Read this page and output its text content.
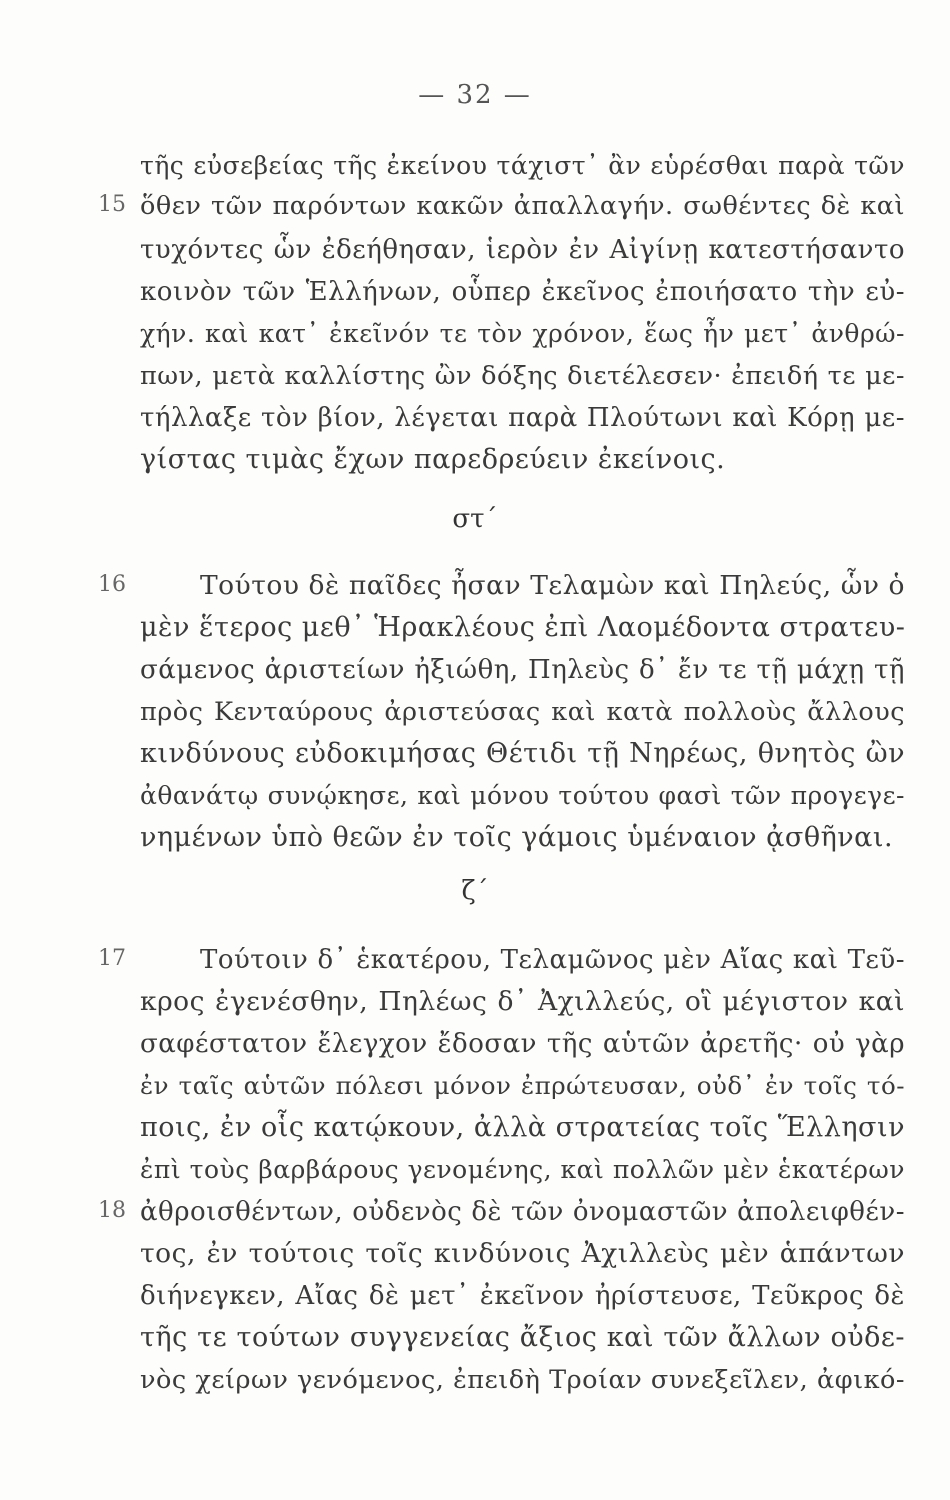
— 32 —
τῆς εὐσεβείας τῆς ἐκείνου τάχιστ᾽ ἂν εὑρέσθαι παρὰ τῶν
15 ὅθεν τῶν παρόντων κακῶν ἀπαλλαγήν. σωθέντες δὲ καὶ
τυχόντες ὧν ἐδεήθησαν, ἱερὸν ἐν Αἰγίνῃ κατεστήσαντο
κοινὸν τῶν Ἑλλήνων, οὗπερ ἐκεῖνος ἐποιήσατο τὴν εὐ-
χήν. καὶ κατ᾽ ἐκεῖνόν τε τὸν χρόνον, ἕως ἦν μετ᾽ ἀνθρώ-
πων, μετὰ καλλίστης ὢν δόξης διετέλεσεν· ἐπειδή τε με-
τήλλαξε τὸν βίον, λέγεται παρὰ Πλούτωνι καὶ Κόρῃ με-
γίστας τιμὰς ἔχων παρεδρεύειν ἐκείνοις.
στ´
16	Τούτου δὲ παῖδες ἦσαν Τελαμὼν καὶ Πηλεύς, ὧν ὁ
μὲν ἕτερος μεθ᾽ Ἡρακλέους ἐπὶ Λαομέδοντα στρατευ-
σάμενος ἀριστείων ἠξιώθη, Πηλεὺς δ᾽ ἔν τε τῇ μάχῃ τῇ
πρὸς Κενταύρους ἀριστεύσας καὶ κατὰ πολλοὺς ἄλλους
κινδύνους εὐδοκιμήσας Θέτιδι τῇ Νηρέως, θνητὸς ὢν
ἀθανάτῳ συνῴκησε, καὶ μόνου τούτου φασὶ τῶν προγεγε-
νημένων ὑπὸ θεῶν ἐν τοῖς γάμοις ὑμέναιον ᾀσθῆναι.
ζ´
17	Τούτοιν δ᾽ ἑκατέρου, Τελαμῶνος μὲν Αἴας καὶ Τεῦ-
κρος ἐγενέσθην, Πηλέως δ᾽ Ἀχιλλεύς, οἳ μέγιστον καὶ
σαφέστατον ἔλεγχον ἔδοσαν τῆς αὑτῶν ἀρετῆς· οὐ γὰρ
ἐν ταῖς αὑτῶν πόλεσι μόνον ἐπρώτευσαν, οὐδ᾽ ἐν τοῖς τό-
ποις, ἐν οἷς κατῴκουν, ἀλλὰ στρατείας τοῖς Ἕλλησιν
ἐπὶ τοὺς βαρβάρους γενομένης, καὶ πολλῶν μὲν ἑκατέρων
18 ἀθροισθέντων, οὐδενὸς δὲ τῶν ὀνομαστῶν ἀπολειφθέν-
τος, ἐν τούτοις τοῖς κινδύνοις Ἀχιλλεὺς μὲν ἁπάντων
διήνεγκεν, Αἴας δὲ μετ᾽ ἐκεῖνον ἠρίστευσε, Τεῦκρος δὲ
τῆς τε τούτων συγγενείας ἄξιος καὶ τῶν ἄλλων οὐδε-
νὸς χείρων γενόμενος, ἐπειδὴ Τροίαν συνεξεῖλεν, ἀφικό-
